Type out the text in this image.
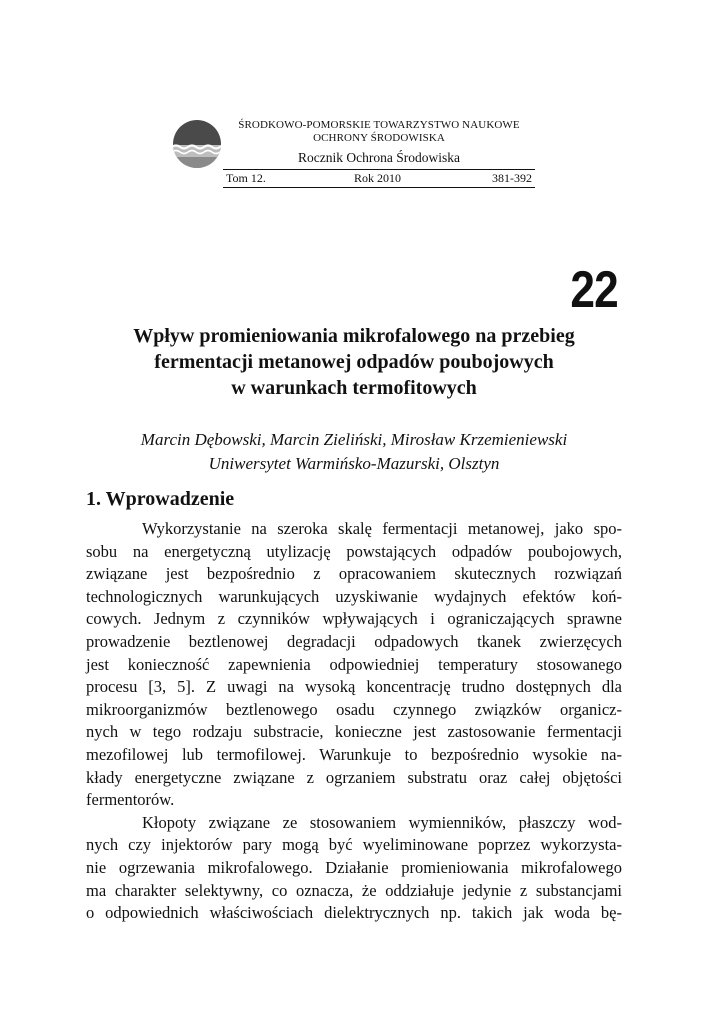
ŚRODKOWO-POMORSKIE TOWARZYSTWO NAUKOWE
OCHRONY ŚRODOWISKA
Rocznik Ochrona Środowiska
Tom 12.	Rok 2010	381-392
22
Wpływ promieniowania mikrofalowego na przebieg
fermentacji metanowej odpadów poubojowych
w warunkach termofitowych
Marcin Dębowski, Marcin Zieliński, Mirosław Krzemieniewski
Uniwersytet Warmińsko-Mazurski, Olsztyn
1. Wprowadzenie
Wykorzystanie na szeroka skalę fermentacji metanowej, jako spo-
sobu na energetyczną utylizację powstających odpadów poubojowych,
związane jest bezpośrednio z opracowaniem skutecznych rozwiązań
technologicznych warunkujących uzyskiwanie wydajnych efektów koń-
cowych. Jednym z czynników wpływających i ograniczających sprawne
prowadzenie beztlenowej degradacji odpadowych tkanek zwierzęcych
jest konieczność zapewnienia odpowiedniej temperatury stosowanego
procesu [3, 5]. Z uwagi na wysoką koncentrację trudno dostępnych dla
mikroorganizmów beztlenowego osadu czynnego związków organicz-
nych w tego rodzaju substracie, konieczne jest zastosowanie fermentacji
mezofilowej lub termofilowej. Warunkuje to bezpośrednio wysokie na-
kłady energetyczne związane z ogrzaniem substratu oraz całej objętości
fermentorów.
Kłopoty związane ze stosowaniem wymienników, płaszczy wod-
nych czy injektorów pary mogą być wyeliminowane poprzez wykorzysta-
nie ogrzewania mikrofalowego. Działanie promieniowania mikrofalowego
ma charakter selektywny, co oznacza, że oddziałuje jedynie z substancjami
o odpowiednich właściwościach dielektrycznych np. takich jak woda bę-
